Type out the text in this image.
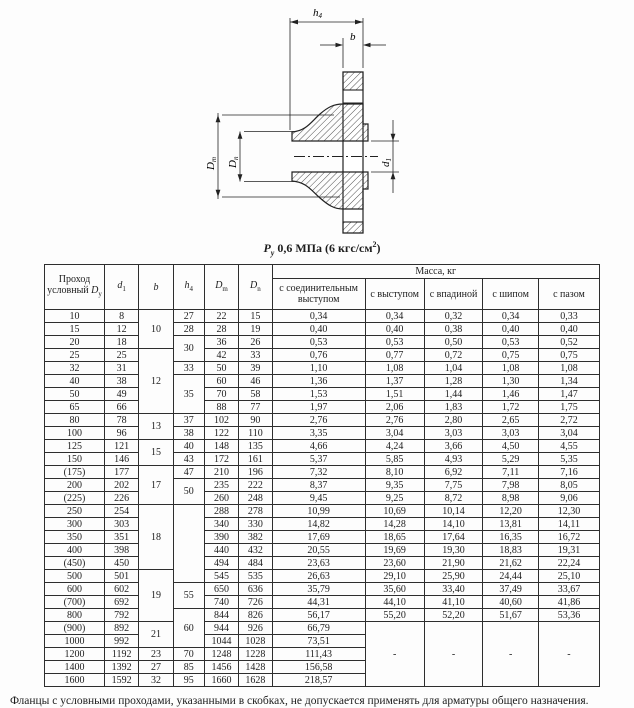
h4
b
d1
Dm
Dn
$P_у$ 0,6 МПа (6 кгс/$см^2$)
Проход
условный $D_у$	$d_1$	b	$h_4$	$D_m$	$D_n$	Масса, кг				
						с соединительным выступом	с выступом	с впадиной	с шипом	с пазом
10	8	10	27	22	15	0,34	0,34	0,32	0,34	0,33
15	12		28	28	19	0,40	0,40	0,38	0,40	0,40
20	18		30	36	26	0,53	0,53	0,50	0,53	0,52
25	25	12		42	33	0,76	0,77	0,72	0,75	0,75
32	31		33	50	39	1,10	1,08	1,04	1,08	1,08
40	38		35	60	46	1,36	1,37	1,28	1,30	1,34
50	49			70	58	1,53	1,51	1,44	1,46	1,47
65	66			88	77	1,97	2,06	1,83	1,72	1,75
80	78	13	37	102	90	2,76	2,76	2,80	2,65	2,72
100	96		38	122	110	3,35	3,04	3,03	3,03	3,04
125	121	15	40	148	135	4,66	4,24	3,66	4,50	4,55
150	146		43	172	161	5,37	5,85	4,93	5,29	5,35
(175)	177	17	47	210	196	7,32	8,10	6,92	7,11	7,16
200	202		50	235	222	8,37	9,35	7,75	7,98	8,05
(225)	226			260	248	9,45	9,25	8,72	8,98	9,06
250	254	18		288	278	10,99	10,69	10,14	12,20	12,30
300	303			340	330	14,82	14,28	14,10	13,81	14,11
350	351			390	382	17,69	18,65	17,64	16,35	16,72
400	398			440	432	20,55	19,69	19,30	18,83	19,31
(450)	450			494	484	23,63	23,60	21,90	21,62	22,24
500	501	19		545	535	26,63	29,10	25,90	24,44	25,10
600	602		55	650	636	35,79	35,60	33,40	37,49	33,67
(700)	692			740	726	44,31	44,10	41,10	40,60	41,86
800	792		60	844	826	56,17	55,20	52,20	51,67	53,36
(900)	892	21		944	926	66,79	-	-	-	-
1000	992			1044	1028	73,51				
1200	1192	23	70	1248	1228	111,43				
1400	1392	27	85	1456	1428	156,58				
1600	1592	32	95	1660	1628	218,57				
Фланцы с условными проходами, указанными в скобках, не допускается применять для арматуры общего назначения.
